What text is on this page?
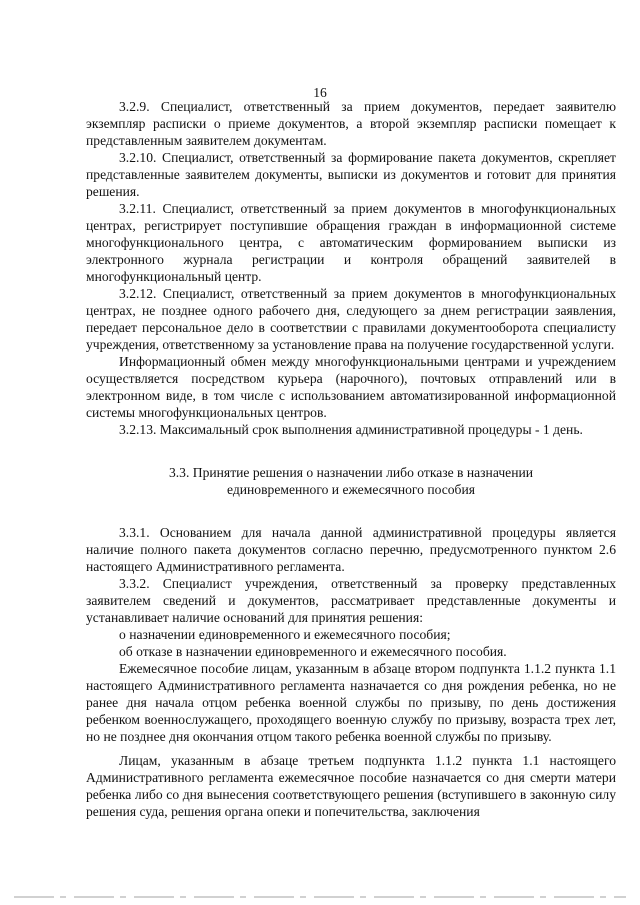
16

3.2.9. Специалист, ответственный за прием документов, передает заявителю экземпляр расписки о приеме документов, а второй экземпляр расписки помещает к представленным заявителем документам.

3.2.10. Специалист, ответственный за формирование пакета документов, скрепляет представленные заявителем документы, выписки из документов и готовит для принятия решения.

3.2.11. Специалист, ответственный за прием документов в многофункциональных центрах, регистрирует поступившие обращения граждан в информационной системе многофункционального центра, с автоматическим формированием выписки из электронного журнала регистрации и контроля обращений заявителей в многофункциональный центр.

3.2.12. Специалист, ответственный за прием документов в многофункциональных центрах, не позднее одного рабочего дня, следующего за днем регистрации заявления, передает персональное дело в соответствии с правилами документооборота специалисту учреждения, ответственному за установление права на получение государственной услуги.

Информационный обмен между многофункциональными центрами и учреждением осуществляется посредством курьера (нарочного), почтовых отправлений или в электронном виде, в том числе с использованием автоматизированной информационной системы многофункциональных центров.

3.2.13. Максимальный срок выполнения административной процедуры - 1 день.

3.3. Принятие решения о назначении либо отказе в назначении
единовременного и ежемесячного пособия

3.3.1. Основанием для начала данной административной процедуры является наличие полного пакета документов согласно перечню, предусмотренного пунктом 2.6 настоящего Административного регламента.

3.3.2. Специалист учреждения, ответственный за проверку представленных заявителем сведений и документов, рассматривает представленные документы и устанавливает наличие оснований для принятия решения:

о назначении единовременного и ежемесячного пособия;

об отказе в назначении единовременного и ежемесячного пособия.

Ежемесячное пособие лицам, указанным в абзаце втором подпункта 1.1.2 пункта 1.1 настоящего Административного регламента назначается со дня рождения ребенка, но не ранее дня начала отцом ребенка военной службы по призыву, по день достижения ребенком военнослужащего, проходящего военную службу по призыву, возраста трех лет, но не позднее дня окончания отцом такого ребенка военной службы по призыву.

Лицам, указанным в абзаце третьем подпункта 1.1.2 пункта 1.1 настоящего Административного регламента ежемесячное пособие назначается со дня смерти матери ребенка либо со дня вынесения соответствующего решения (вступившего в законную силу решения суда, решения органа опеки и попечительства, заключения
